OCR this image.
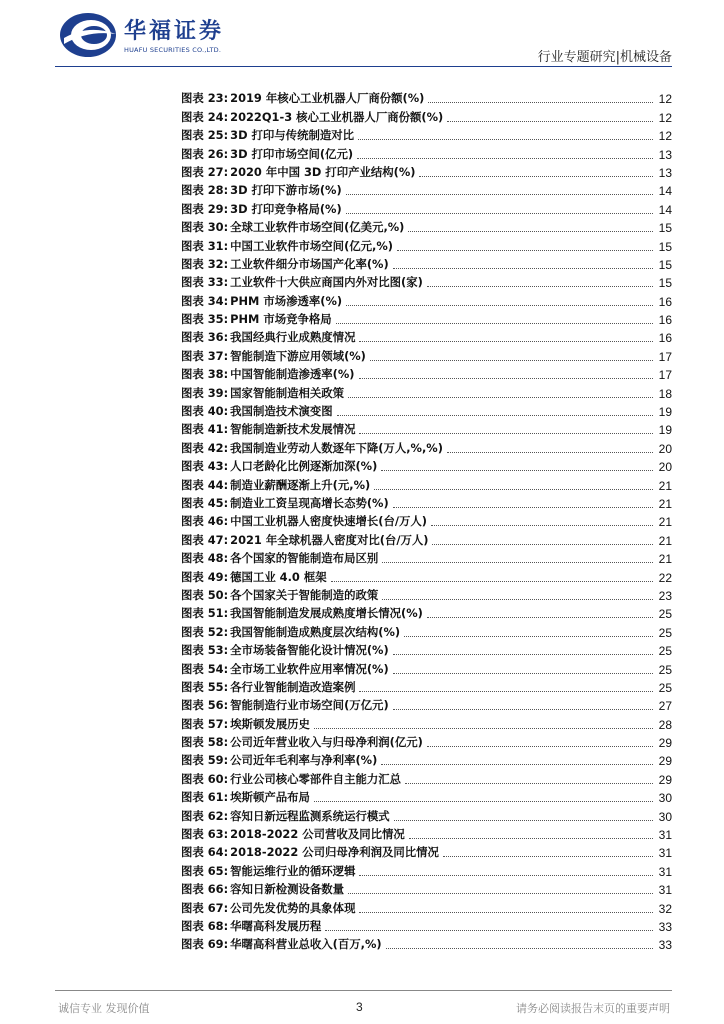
华福证券
HUAFU SECURITIES CO.,LTD.	行业专题研究|机械设备
图表 23: 2019 年核心工业机器人厂商份额(%)	12
图表 24: 2022Q1-3 核心工业机器人厂商份额(%)	12
图表 25: 3D 打印与传统制造对比	12
图表 26: 3D 打印市场空间(亿元)	13
图表 27: 2020 年中国 3D 打印产业结构(%)	13
图表 28: 3D 打印下游市场(%)	14
图表 29: 3D 打印竞争格局(%)	14
图表 30: 全球工业软件市场空间(亿美元,%)	15
图表 31: 中国工业软件市场空间(亿元,%)	15
图表 32: 工业软件细分市场国产化率(%)	15
图表 33: 工业软件十大供应商国内外对比图(家)	15
图表 34: PHM 市场渗透率(%)	16
图表 35: PHM 市场竞争格局	16
图表 36: 我国经典行业成熟度情况	16
图表 37: 智能制造下游应用领域(%)	17
图表 38: 中国智能制造渗透率(%)	17
图表 39: 国家智能制造相关政策	18
图表 40: 我国制造技术演变图	19
图表 41: 智能制造新技术发展情况	19
图表 42: 我国制造业劳动人数逐年下降(万人,%,%)	20
图表 43: 人口老龄化比例逐渐加深(%)	20
图表 44: 制造业薪酬逐渐上升(元,%)	21
图表 45: 制造业工资呈现高增长态势(%)	21
图表 46: 中国工业机器人密度快速增长(台/万人)	21
图表 47: 2021 年全球机器人密度对比(台/万人)	21
图表 48: 各个国家的智能制造布局区别	21
图表 49: 德国工业 4.0 框架	22
图表 50: 各个国家关于智能制造的政策	23
图表 51: 我国智能制造发展成熟度增长情况(%)	25
图表 52: 我国智能制造成熟度层次结构(%)	25
图表 53: 全市场装备智能化设计情况(%)	25
图表 54: 全市场工业软件应用率情况(%)	25
图表 55: 各行业智能制造改造案例	25
图表 56: 智能制造行业市场空间(万亿元)	27
图表 57: 埃斯顿发展历史	28
图表 58: 公司近年营业收入与归母净利润(亿元)	29
图表 59: 公司近年毛利率与净利率(%)	29
图表 60: 行业公司核心零部件自主能力汇总	29
图表 61: 埃斯顿产品布局	30
图表 62: 容知日新远程监测系统运行模式	30
图表 63: 2018-2022 公司营收及同比情况	31
图表 64: 2018-2022 公司归母净利润及同比情况	31
图表 65: 智能运维行业的循环逻辑	31
图表 66: 容知日新检测设备数量	31
图表 67: 公司先发优势的具象体现	32
图表 68: 华曙高科发展历程	33
图表 69: 华曙高科营业总收入(百万,%)	33
诚信专业 发现价值	3	请务必阅读报告末页的重要声明
